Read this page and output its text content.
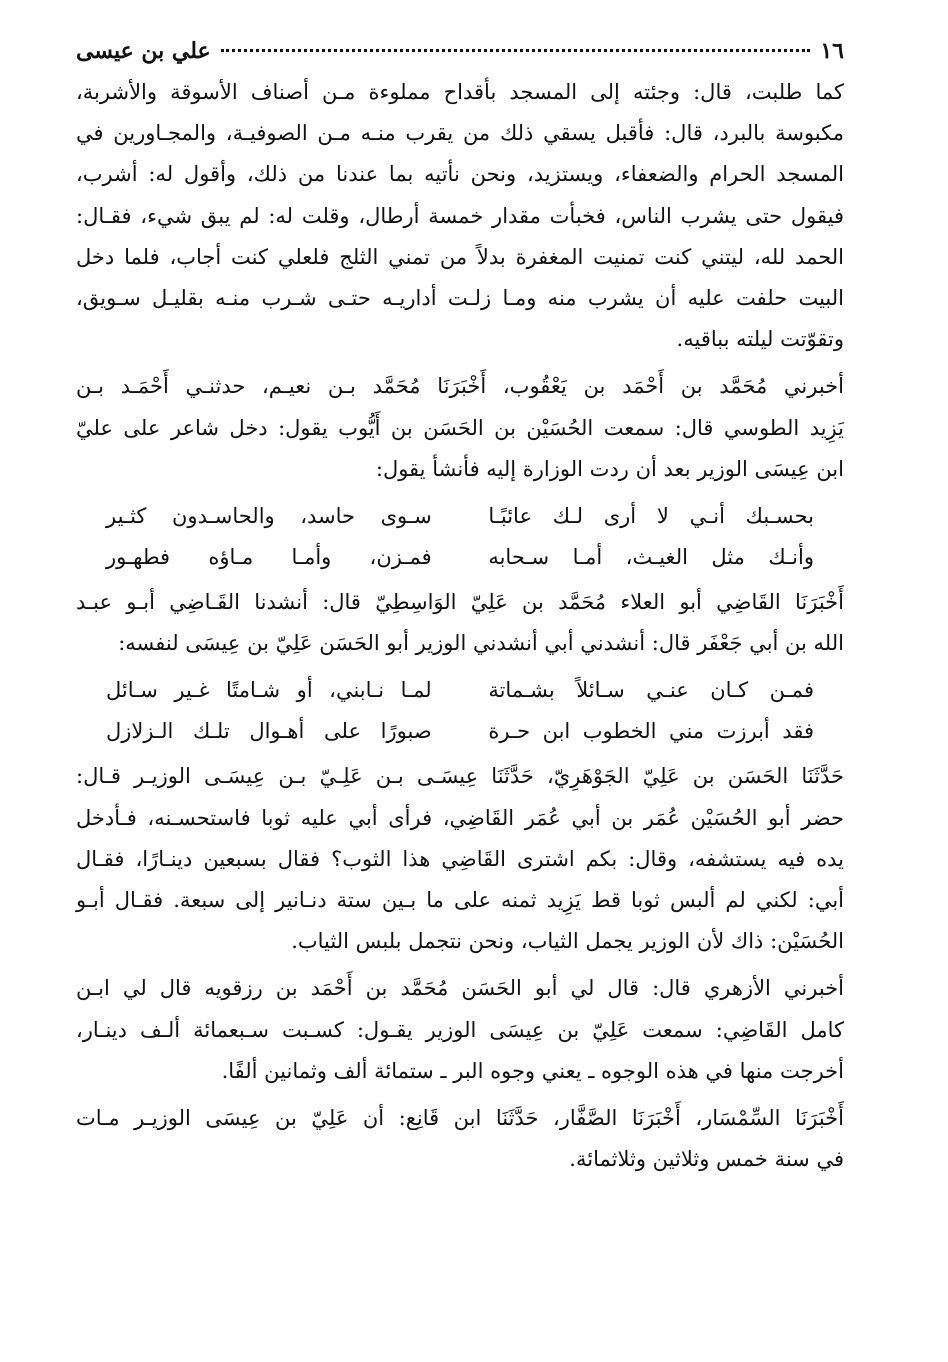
١٦
علي بن عيسى
كما طلبت، قال: وجئته إلى المسجد بأقداح مملوءة مـن أصناف الأسوقة والأشربة،
مكبوسة بالبرد، قال: فأقبل يسقي ذلك من يقرب منـه مـن الصوفيـة، والمجـاورين في
المسجد الحرام والضعفاء، ويستزيد، ونحن نأتيه بما عندنا من ذلك، وأقول له: أشرب،
فيقول حتى يشرب الناس، فخبأت مقدار خمسة أرطال، وقلت له: لم يبق شيء، فقـال:
الحمد لله، ليتني كنت تمنيت المغفرة بدلاً من تمني الثلج فلعلي كنت أجاب، فلما دخل
البيت حلفت عليه أن يشرب منه ومـا زلـت أداريـه حتـى شـرب منـه بقليـل سـويق،
وتقوّتت ليلته بباقيه.
أخبرني مُحَمَّد بن أَحْمَد بن يَعْقُوب، أَخْبَرَنَا مُحَمَّد بـن نعيـم، حدثنـي أَحْمَـد بـن
يَزِيد الطوسي قال: سمعت الحُسَيْن بن الحَسَن بن أَيُّوب يقول: دخل شاعر على عليّ
ابن عِيسَى الوزير بعد أن ردت الوزارة إليه فأنشأ يقول:
بحسـبك أنـي لا أرى لـك عائبًـا
سـوى حاسد، والحاسـدون كثـير
وأنـك مثل الغيـث، أمـا سـحابه
فمـزن، وأمـا مـاؤه فطهـور
أَخْبَرَنَا القَاضِي أبو العلاء مُحَمَّد بن عَلِيّ الوَاسِطِيّ قال: أنشدنا القَـاضِي أبـو عبـد
الله بن أبي جَعْفَر قال: أنشدني أبي أنشدني الوزير أبو الحَسَن عَلِيّ بن عِيسَى لنفسه:
فمـن كـان عنـي سـائلاً بشـماتة
لمـا نـابني، أو شـامتًا غـير سـائل
فقد أبرزت مني الخطوب ابن حـرة
صبورًا على أهـوال تلـك الـزلازل
حَدَّثَنَا الحَسَن بن عَلِيّ الجَوْهَرِيّ، حَدَّثَنَا عِيسَـى بـن عَلِـيّ بـن عِيسَـى الوزيـر قـال:
حضر أبو الحُسَيْن عُمَر بن أبي عُمَر القَاضِي، فرأى أبي عليه ثوبا فاستحسـنه، فـأدخل
يده فيه يستشفه، وقال: بكم اشترى القَاضِي هذا الثوب؟ فقال بسبعين دينـارًا، فقـال
أبي: لكني لم ألبس ثوبا قط يَزِيد ثمنه على ما بـين ستة دنـانير إلى سبعة. فقـال أبـو
الحُسَيْن: ذاك لأن الوزير يجمل الثياب، ونحن نتجمل بلبس الثياب.
أخبرني الأزهري قال: قال لي أبو الحَسَن مُحَمَّد بن أَحْمَد بن رزقويه قال لي ابـن
كامل القَاضِي: سمعت عَلِيّ بن عِيسَى الوزير يقـول: كسـبت سـبعمائة ألـف دينـار،
أخرجت منها في هذه الوجوه ـ يعني وجوه البر ـ ستمائة ألف وثمانين ألفًا.
أَخْبَرَنَا السِّمْسَار، أَخْبَرَنَا الصَّفَّار، حَدَّثَنَا ابن قَانِع: أن عَلِيّ بن عِيسَى الوزيـر مـات
في سنة خمس وثلاثين وثلاثمائة.
